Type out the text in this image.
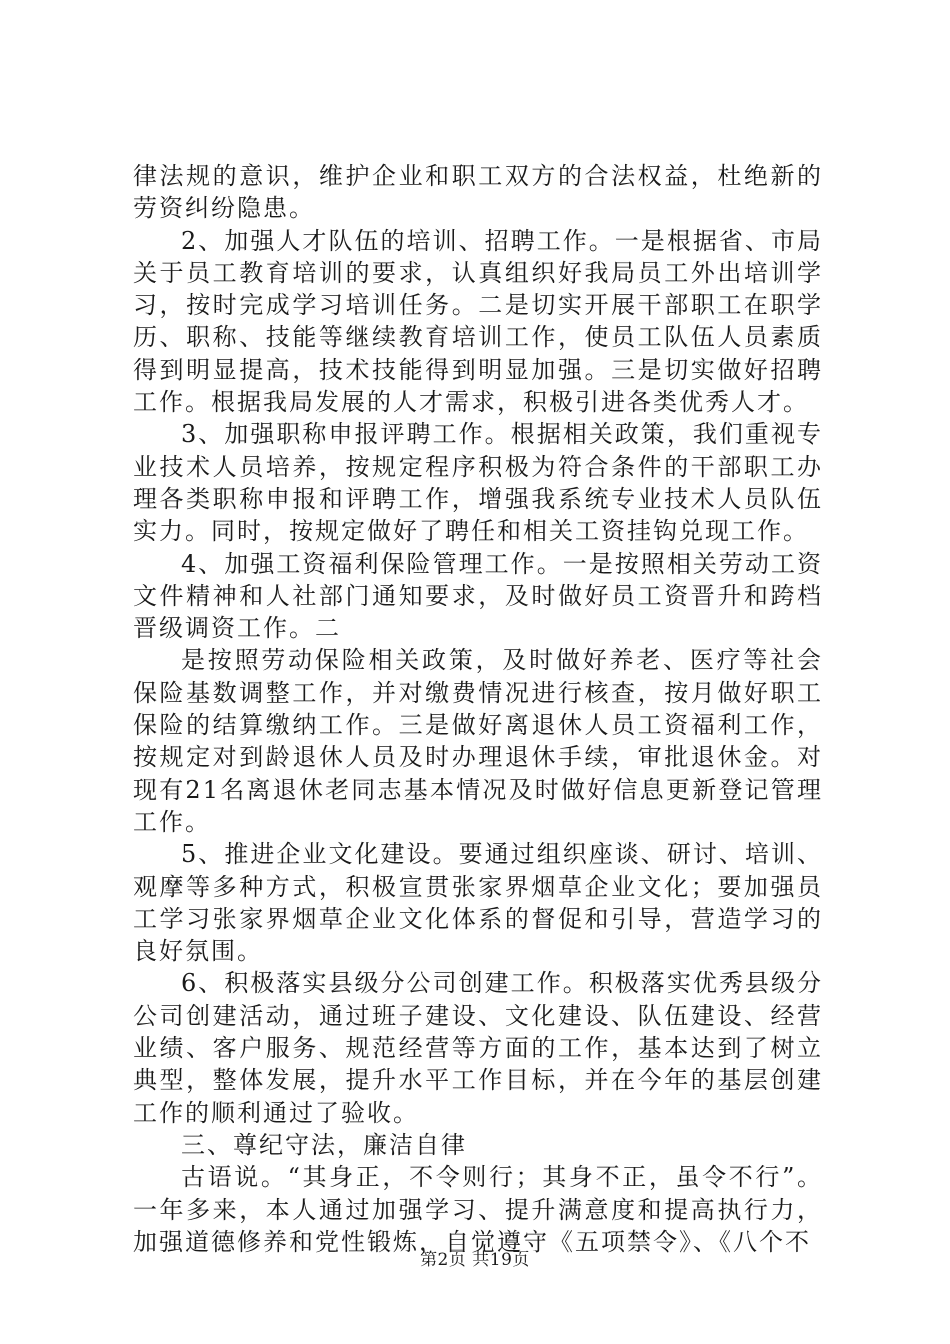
律法规的意识，维护企业和职工双方的合法权益，杜绝新的劳资纠纷隐患。

2、加强人才队伍的培训、招聘工作。一是根据省、市局关于员工教育培训的要求，认真组织好我局员工外出培训学习，按时完成学习培训任务。二是切实开展干部职工在职学历、职称、技能等继续教育培训工作，使员工队伍人员素质得到明显提高，技术技能得到明显加强。三是切实做好招聘工作。根据我局发展的人才需求，积极引进各类优秀人才。

3、加强职称申报评聘工作。根据相关政策，我们重视专业技术人员培养，按规定程序积极为符合条件的干部职工办理各类职称申报和评聘工作，增强我系统专业技术人员队伍实力。同时，按规定做好了聘任和相关工资挂钩兑现工作。

4、加强工资福利保险管理工作。一是按照相关劳动工资文件精神和人社部门通知要求，及时做好员工资晋升和跨档晋级调资工作。二

是按照劳动保险相关政策，及时做好养老、医疗等社会保险基数调整工作，并对缴费情况进行核查，按月做好职工保险的结算缴纳工作。三是做好离退休人员工资福利工作，按规定对到龄退休人员及时办理退休手续，审批退休金。对现有21名离退休老同志基本情况及时做好信息更新登记管理工作。

5、推进企业文化建设。要通过组织座谈、研讨、培训、观摩等多种方式，积极宣贯张家界烟草企业文化；要加强员工学习张家界烟草企业文化体系的督促和引导，营造学习的良好氛围。

6、积极落实县级分公司创建工作。积极落实优秀县级分公司创建活动，通过班子建设、文化建设、队伍建设、经营业绩、客户服务、规范经营等方面的工作，基本达到了树立典型，整体发展，提升水平工作目标，并在今年的基层创建工作的顺利通过了验收。

三、尊纪守法，廉洁自律

古语说。“其身正，不令则行；其身不正，虽令不行”。一年多来，本人通过加强学习、提升满意度和提高执行力，加强道德修养和党性锻炼，自觉遵守《五项禁令》、《八个不

第2页 共19页
